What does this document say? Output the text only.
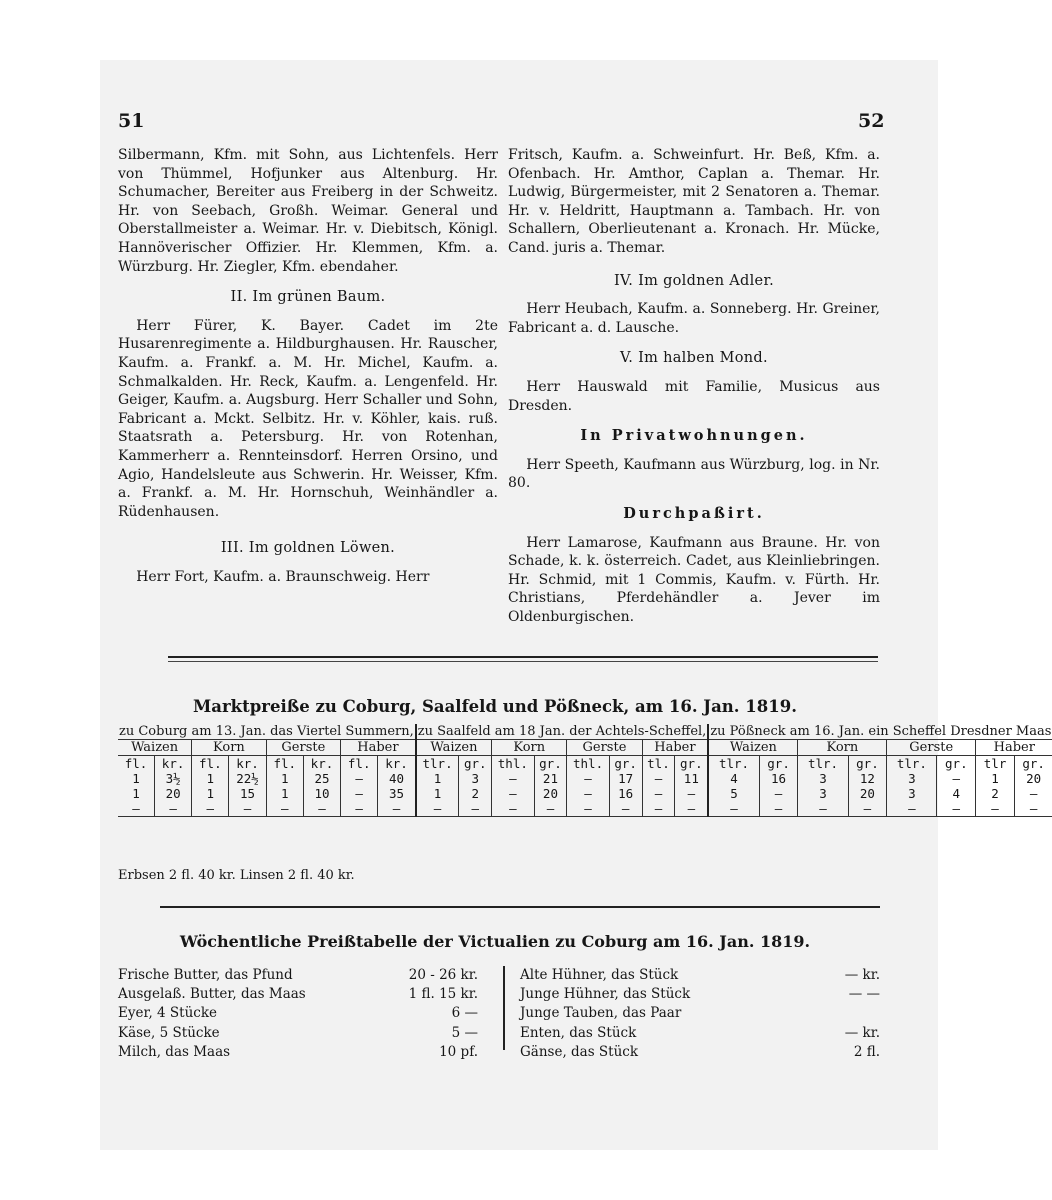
51	52

Silbermann, Kfm. mit Sohn, aus Lichtenfels. Herr von Thümmel, Hofjunker aus Altenburg. Hr. Schumacher, Bereiter aus Freiberg in der Schweitz. Hr. von Seebach, Großh. Weimar. General und Oberstallmeister a. Weimar. Hr. v. Diebitsch, Königl. Hannöverischer Offizier. Hr. Klemmen, Kfm. a. Würzburg. Hr. Ziegler, Kfm. ebendaher.

II. Im grünen Baum.

Herr Fürer, K. Bayer. Cadet im 2te Husarenregimente a. Hildburghausen. Hr. Rauscher, Kaufm. a. Frankf. a. M. Hr. Michel, Kaufm. a. Schmalkalden. Hr. Reck, Kaufm. a. Lengenfeld. Hr. Geiger, Kaufm. a. Augsburg. Herr Schaller und Sohn, Fabricant a. Mckt. Selbitz. Hr. v. Köhler, kais. ruß. Staatsrath a. Petersburg. Hr. von Rotenhan, Kammerherr a. Rennteinsdorf. Herren Orsino, und Agio, Handelsleute aus Schwerin. Hr. Weisser, Kfm. a. Frankf. a. M. Hr. Hornschuh, Weinhändler a. Rüdenhausen.

III. Im goldnen Löwen.

Herr Fort, Kaufm. a. Braunschweig. Herr

Fritsch, Kaufm. a. Schweinfurt. Hr. Beß, Kfm. a. Ofenbach. Hr. Amthor, Caplan a. Themar. Hr. Ludwig, Bürgermeister, mit 2 Senatoren a. Themar. Hr. v. Heldritt, Hauptmann a. Tambach. Hr. von Schallern, Oberlieutenant a. Kronach. Hr. Mücke, Cand. juris a. Themar.

IV. Im goldnen Adler.

Herr Heubach, Kaufm. a. Sonneberg. Hr. Greiner, Fabricant a. d. Lausche.

V. Im halben Mond.

Herr Hauswald mit Familie, Musicus aus Dresden.

In Privatwohnungen.

Herr Speeth, Kaufmann aus Würzburg, log. in Nr. 80.

Durchpaßirt.

Herr Lamarose, Kaufmann aus Braune. Hr. von Schade, k. k. österreich. Cadet, aus Kleinliebringen. Hr. Schmid, mit 1 Commis, Kaufm. v. Fürth. Hr. Christians, Pferdehändler a. Jever im Oldenburgischen.

Marktpreiße zu Coburg, Saalfeld und Pößneck, am 16. Jan. 1819.
zu Coburg am 13. Jan. das Viertel Summern,								zu Saalfeld am 18 Jan. der Achtels-Scheffel,								zu Pößneck am 16. Jan. ein Scheffel Dresdner Maas							
Waizen		Korn		Gerste		Haber		Waizen		Korn		Gerste		Haber		Waizen		Korn		Gerste		Haber	
fl.	kr.	fl.	kr.	fl.	kr.	fl.	kr.	tlr.	gr.	thl.	gr.	thl.	gr.	tl.	gr.	tlr.	gr.	tlr.	gr.	tlr.	gr.	tlr	gr.
1	3½	1	22½	1	25	—	40	1	3	—	21	—	17	—	11	4	16	3	12	3	—	1	20
1	20	1	15	1	10	—	35	1	2	—	20	—	16	—	—	5	—	3	20	3	4	2	—
—	—	—	—	—	—	—	—	—	—	—	—	—	—	—	—	—	—	—	—	—	—	—	—
Erbsen 2 fl. 40 kr. Linsen 2 fl. 40 kr.
Wöchentliche Preißtabelle der Victualien zu Coburg am 16. Jan. 1819.
Frische Butter, das Pfund	20 - 26 kr.
Ausgelaß. Butter, das Maas	1 fl. 15 kr.
Eyer, 4 Stücke	6 —
Käse, 5 Stücke	5 —
Milch, das Maas	10 pf.
Alte Hühner, das Stück	— kr.
Junge Hühner, das Stück	— —
Junge Tauben, das Paar
Enten, das Stück	— kr.
Gänse, das Stück	2 fl.
